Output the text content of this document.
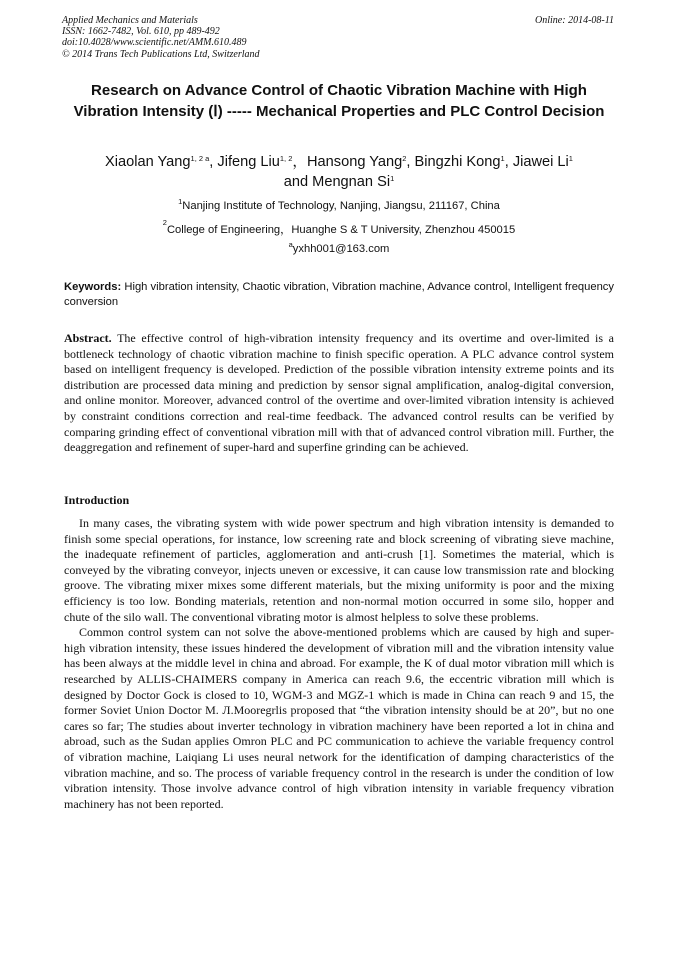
Applied Mechanics and Materials
ISSN: 1662-7482, Vol. 610, pp 489-492
doi:10.4028/www.scientific.net/AMM.610.489
© 2014 Trans Tech Publications Ltd, Switzerland
Online: 2014-08-11
Research on Advance Control of Chaotic Vibration Machine with High Vibration Intensity (Ⅰ) ----- Mechanical Properties and PLC Control Decision
Xiaolan Yang$^{1, 2 a}$, Jifeng Liu$^{1, 2}$，Hansong Yang$^2$, Bingzhi Kong$^1$, Jiawei Li$^1$
and Mengnan Si$^1$
$^1$Nanjing Institute of Technology, Nanjing, Jiangsu, 211167, China
$^2$College of Engineering，Huanghe S & T University, Zhenzhou 450015
$^a$yxhh001@163.com
Keywords: High vibration intensity, Chaotic vibration, Vibration machine, Advance control, Intelligent frequency conversion
Abstract. The effective control of high-vibration intensity frequency and its overtime and over-limited is a bottleneck technology of chaotic vibration machine to finish specific operation. A PLC advance control system based on intelligent frequency is developed. Prediction of the possible vibration intensity extreme points and its distribution are processed data mining and prediction by sensor signal amplification, analog-digital conversion, and online monitor. Moreover, advanced control of the overtime and over-limited vibration intensity is achieved by constraint conditions correction and real-time feedback. The advanced control results can be verified by comparing grinding effect of conventional vibration mill with that of advanced control vibration mill. Further, the deaggregation and refinement of super-hard and superfine grinding can be achieved.
Introduction

In many cases, the vibrating system with wide power spectrum and high vibration intensity is demanded to finish some special operations, for instance, low screening rate and block screening of vibrating sieve machine, the inadequate refinement of particles, agglomeration and anti-crush [1]. Sometimes the material, which is conveyed by the vibrating conveyor, injects uneven or excessive, it can cause low transmission rate and blocking groove. The vibrating mixer mixes some different materials, but the mixing uniformity is poor and the mixing efficiency is too low. Bonding materials, retention and non-normal motion occurred in some silo, hopper and chute of the silo wall. The conventional vibrating motor is almost helpless to solve these problems.

Common control system can not solve the above-mentioned problems which are caused by high and super-high vibration intensity, these issues hindered the development of vibration mill and the vibration intensity value has been always at the middle level in china and abroad. For example, the K of dual motor vibration mill which is researched by ALLIS-CHAIMERS company in America can reach 9.6, the eccentric vibration mill which is designed by Doctor Gock is closed to 10, WGM-3 and MGZ-1 which is made in China can reach 9 and 15, the former Soviet Union Doctor M. Л.Mooregrlis proposed that “the vibration intensity should be at 20”, but no one cares so far; The studies about inverter technology in vibration machinery have been reported a lot in china and abroad, such as the Sudan applies Omron PLC and PC communication to achieve the variable frequency control of vibration machine, Laiqiang Li uses neural network for the identification of damping characteristics of the vibration machine, and so. The process of variable frequency control in the research is under the condition of low vibration intensity. Those involve advance control of high vibration intensity in variable frequency vibration machinery has not been reported.
